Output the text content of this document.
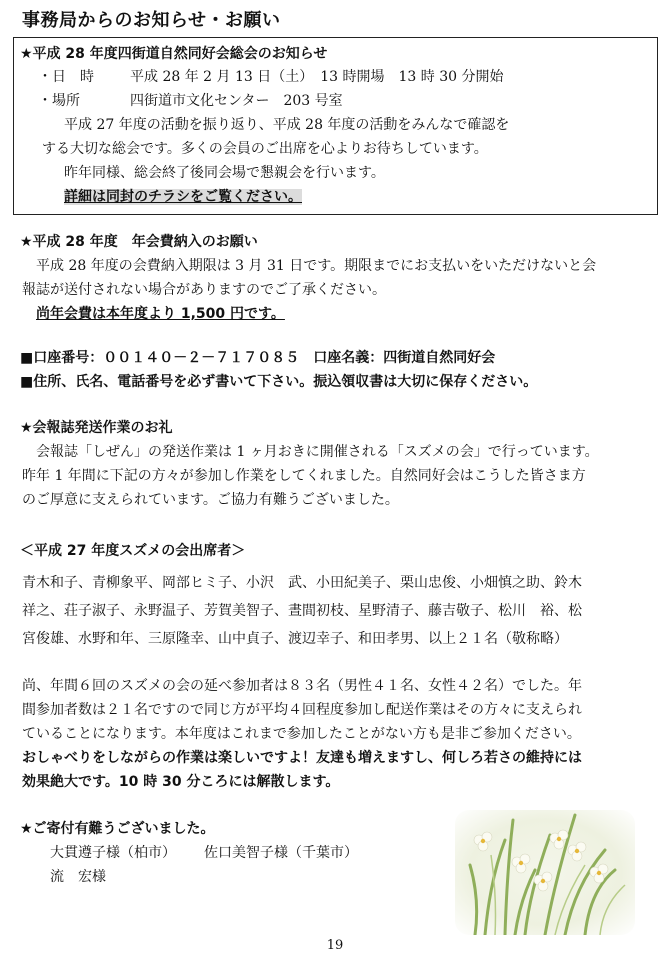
事務局からのお知らせ・お願い
★平成 28 年度四街道自然同好会総会のお知らせ
・日　時	平成 28 年 2 月 13 日（土）　13 時開場　13 時 30 分開始
・場所	四街道市文化センター　203 号室
平成 27 年度の活動を振り返り、平成 28 年度の活動をみんなで確認を
する大切な総会です。多くの会員のご出席を心よりお待ちしています。
昨年同様、総会終了後同会場で懇親会を行います。
詳細は同封のチラシをご覧ください。
★平成 28 年度　年会費納入のお願い
平成 28 年度の会費納入期限は 3 月 31 日です。期限までにお支払いをいただけないと会
報誌が送付されない場合がありますのでご了承ください。
尚年会費は本年度より 1,500 円です。
■口座番号：００１４０－２－７１７０８５　口座名義：四街道自然同好会
■住所、氏名、電話番号を必ず書いて下さい。振込領収書は大切に保存ください。
★会報誌発送作業のお礼
会報誌「しぜん」の発送作業は 1 ヶ月おきに開催される「スズメの会」で行っています。
昨年 1 年間に下記の方々が参加し作業をしてくれました。自然同好会はこうした皆さま方
のご厚意に支えられています。ご協力有難うございました。
＜平成 27 年度スズメの会出席者＞
青木和子、青柳象平、岡部ヒミ子、小沢　武、小田紀美子、栗山忠俊、小畑慎之助、鈴木
祥之、荘子淑子、永野温子、芳賀美智子、晝間初枝、星野清子、藤吉敬子、松川　裕、松
宮俊雄、水野和年、三原隆幸、山中貞子、渡辺幸子、和田孝男、以上２１名（敬称略）
尚、年間６回のスズメの会の延べ参加者は８３名（男性４１名、女性４２名）でした。年
間参加者数は２１名ですので同じ方が平均４回程度参加し配送作業はその方々に支えられ
ていることになります。本年度はこれまで参加したことがない方も是非ご参加ください。
おしゃべりをしながらの作業は楽しいですよ！友達も増えますし、何しろ若さの維持には
効果絶大です。10 時 30 分ころには解散します。
★ご寄付有難うございました。
大貫遵子様（柏市） 佐口美智子様（千葉市）
流　宏様
19
